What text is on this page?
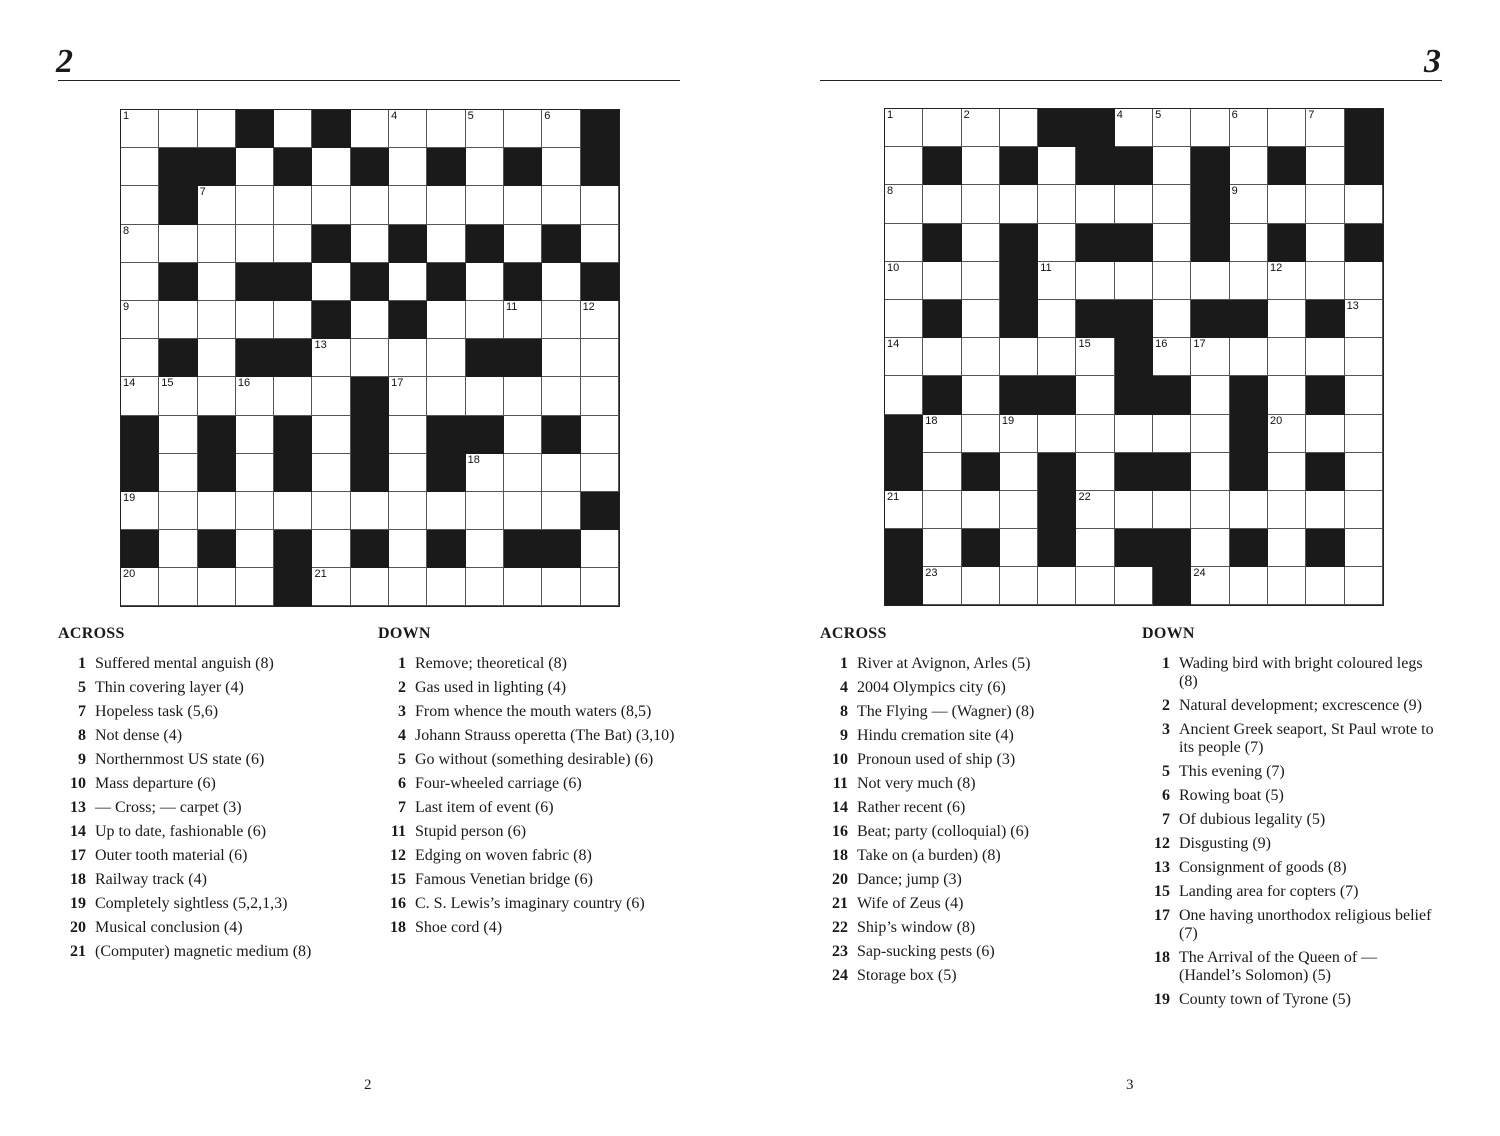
2
1	4	5	6
7
8
9	11	12
13
14 15	16	17
18
19
20	21
ACROSS
1 Suffered mental anguish (8)
5 Thin covering layer (4)
7 Hopeless task (5,6)
8 Not dense (4)
9 Northernmost US state (6)
10 Mass departure (6)
13 — Cross; — carpet (3)
14 Up to date, fashionable (6)
17 Outer tooth material (6)
18 Railway track (4)
19 Completely sightless (5,2,1,3)
20 Musical conclusion (4)
21 (Computer) magnetic medium (8)
DOWN
1 Remove; theoretical (8)
2 Gas used in lighting (4)
3 From whence the mouth waters (8,5)
4 Johann Strauss operetta (The Bat) (3,10)
5 Go without (something desirable) (6)
6 Four-wheeled carriage (6)
7 Last item of event (6)
11 Stupid person (6)
12 Edging on woven fabric (8)
15 Famous Venetian bridge (6)
16 C. S. Lewis’s imaginary country (6)
18 Shoe cord (4)
2
3
1	2	4	5	6	7
8	9
10	11	12
13
14	15	16 17
18	19	20
21	22
23	24
ACROSS
1 River at Avignon, Arles (5)
4 2004 Olympics city (6)
8 The Flying — (Wagner) (8)
9 Hindu cremation site (4)
10 Pronoun used of ship (3)
11 Not very much (8)
14 Rather recent (6)
16 Beat; party (colloquial) (6)
18 Take on (a burden) (8)
20 Dance; jump (3)
21 Wife of Zeus (4)
22 Ship’s window (8)
23 Sap-sucking pests (6)
24 Storage box (5)
DOWN
1 Wading bird with bright coloured legs (8)
2 Natural development; excrescence (9)
3 Ancient Greek seaport, St Paul wrote to its people (7)
5 This evening (7)
6 Rowing boat (5)
7 Of dubious legality (5)
12 Disgusting (9)
13 Consignment of goods (8)
15 Landing area for copters (7)
17 One having unorthodox religious belief (7)
18 The Arrival of the Queen of — (Handel’s Solomon) (5)
19 County town of Tyrone (5)
3
